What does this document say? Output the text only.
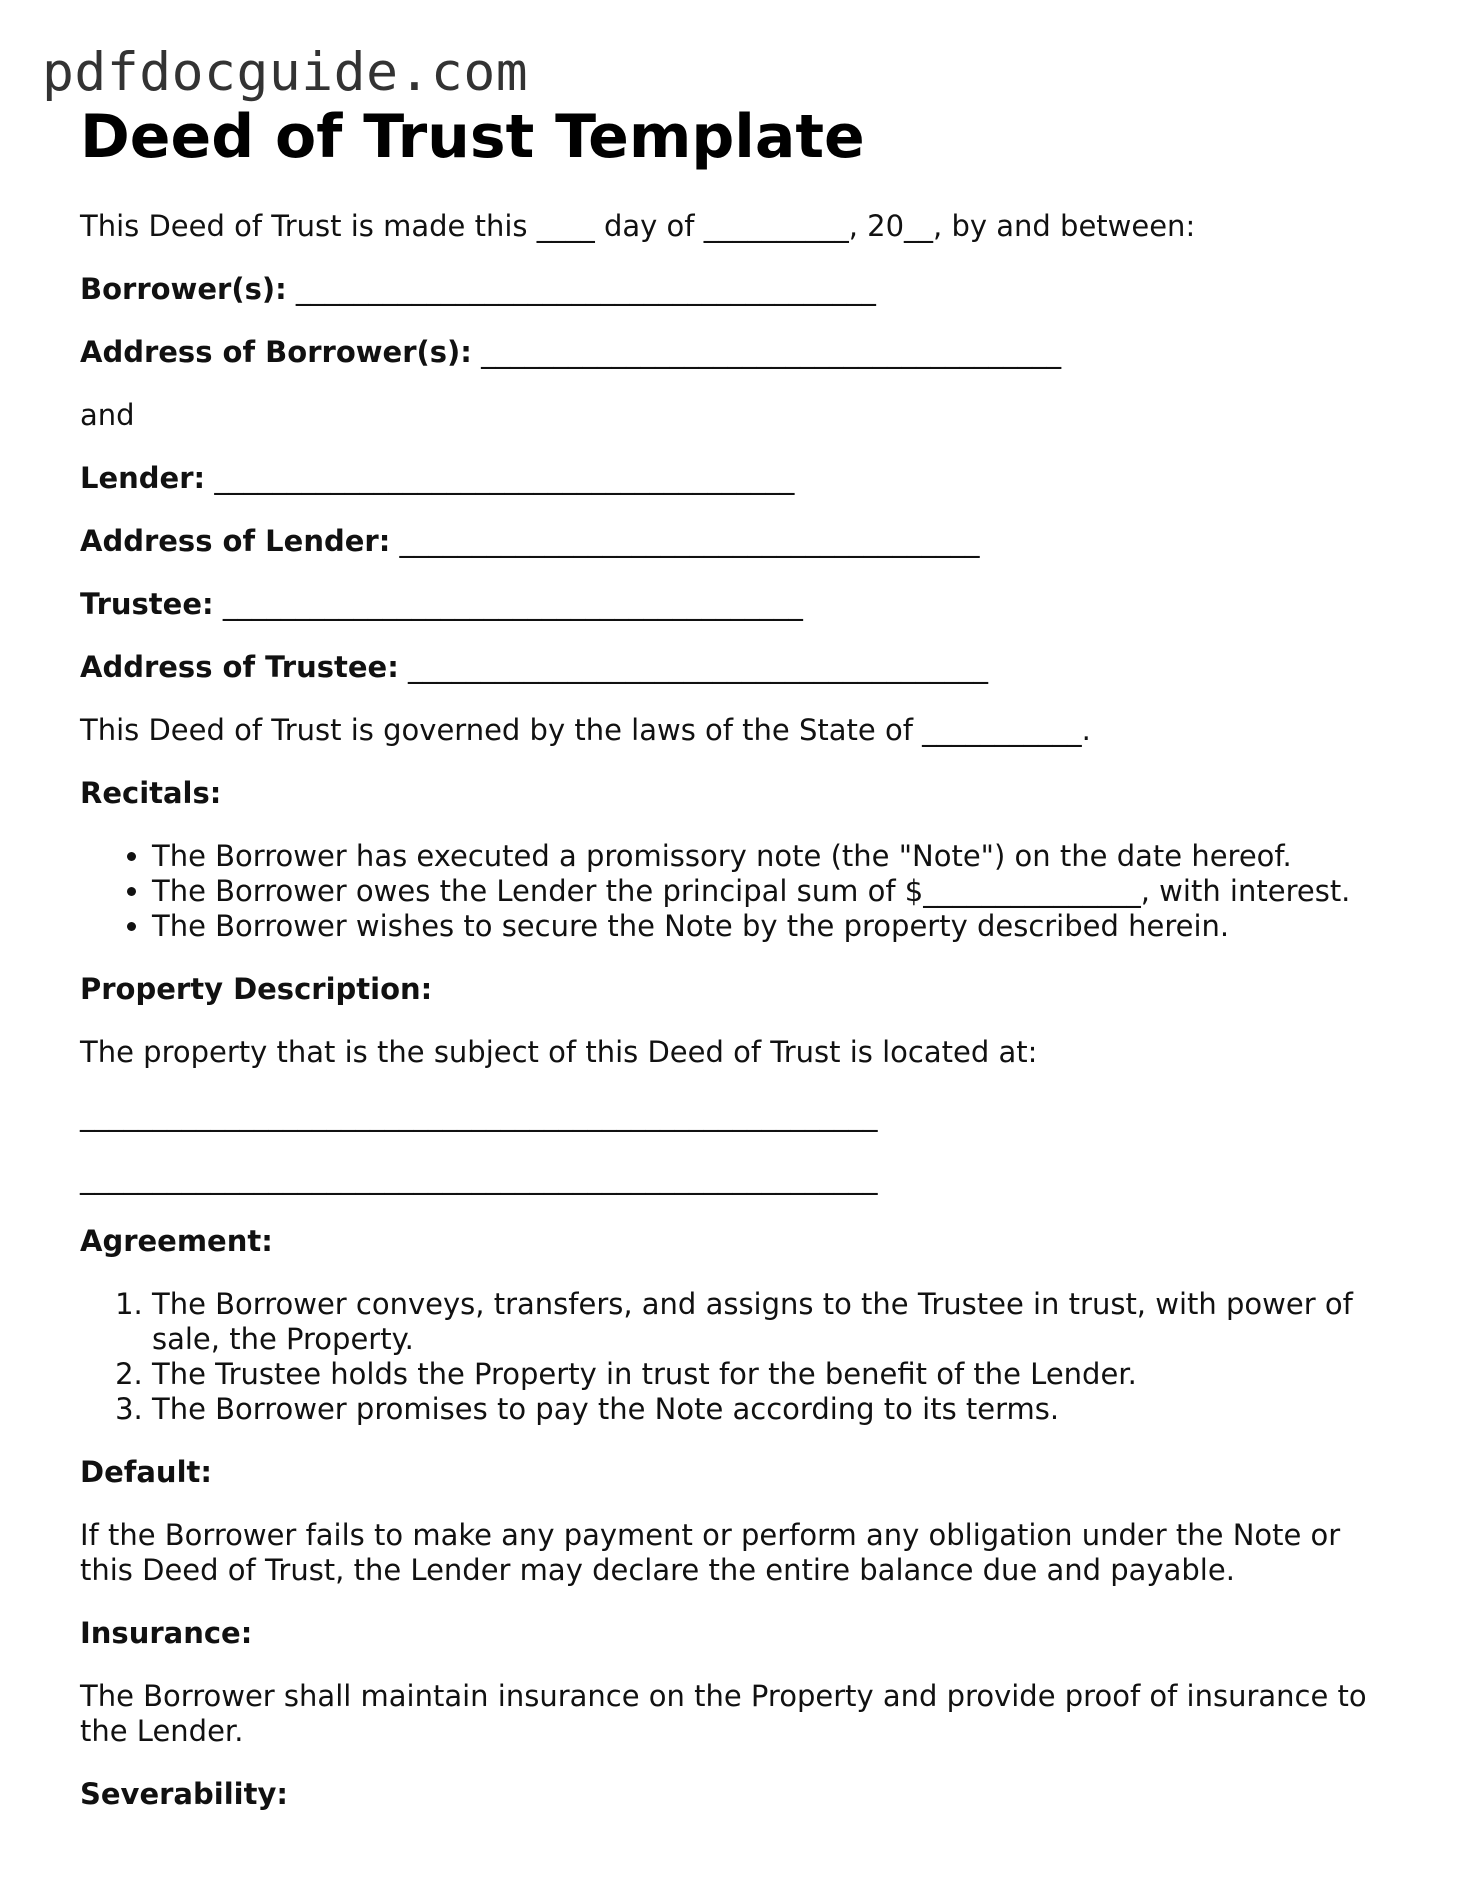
pdfdocguide.com
Deed of Trust Template

This Deed of Trust is made this ____ day of __________, 20__, by and between:

Borrower(s): ________________________________________

Address of Borrower(s): ________________________________________

and

Lender: ________________________________________

Address of Lender: ________________________________________

Trustee: ________________________________________

Address of Trustee: ________________________________________

This Deed of Trust is governed by the laws of the State of ___________.

Recitals:

• The Borrower has executed a promissory note (the "Note") on the date hereof.
• The Borrower owes the Lender the principal sum of $_______________, with interest.
• The Borrower wishes to secure the Note by the property described herein.

Property Description:

The property that is the subject of this Deed of Trust is located at:

_______________________________________________________

_______________________________________________________

Agreement:

1. The Borrower conveys, transfers, and assigns to the Trustee in trust, with power of sale, the Property.
2. The Trustee holds the Property in trust for the benefit of the Lender.
3. The Borrower promises to pay the Note according to its terms.

Default:

If the Borrower fails to make any payment or perform any obligation under the Note or this Deed of Trust, the Lender may declare the entire balance due and payable.

Insurance:

The Borrower shall maintain insurance on the Property and provide proof of insurance to the Lender.

Severability:
